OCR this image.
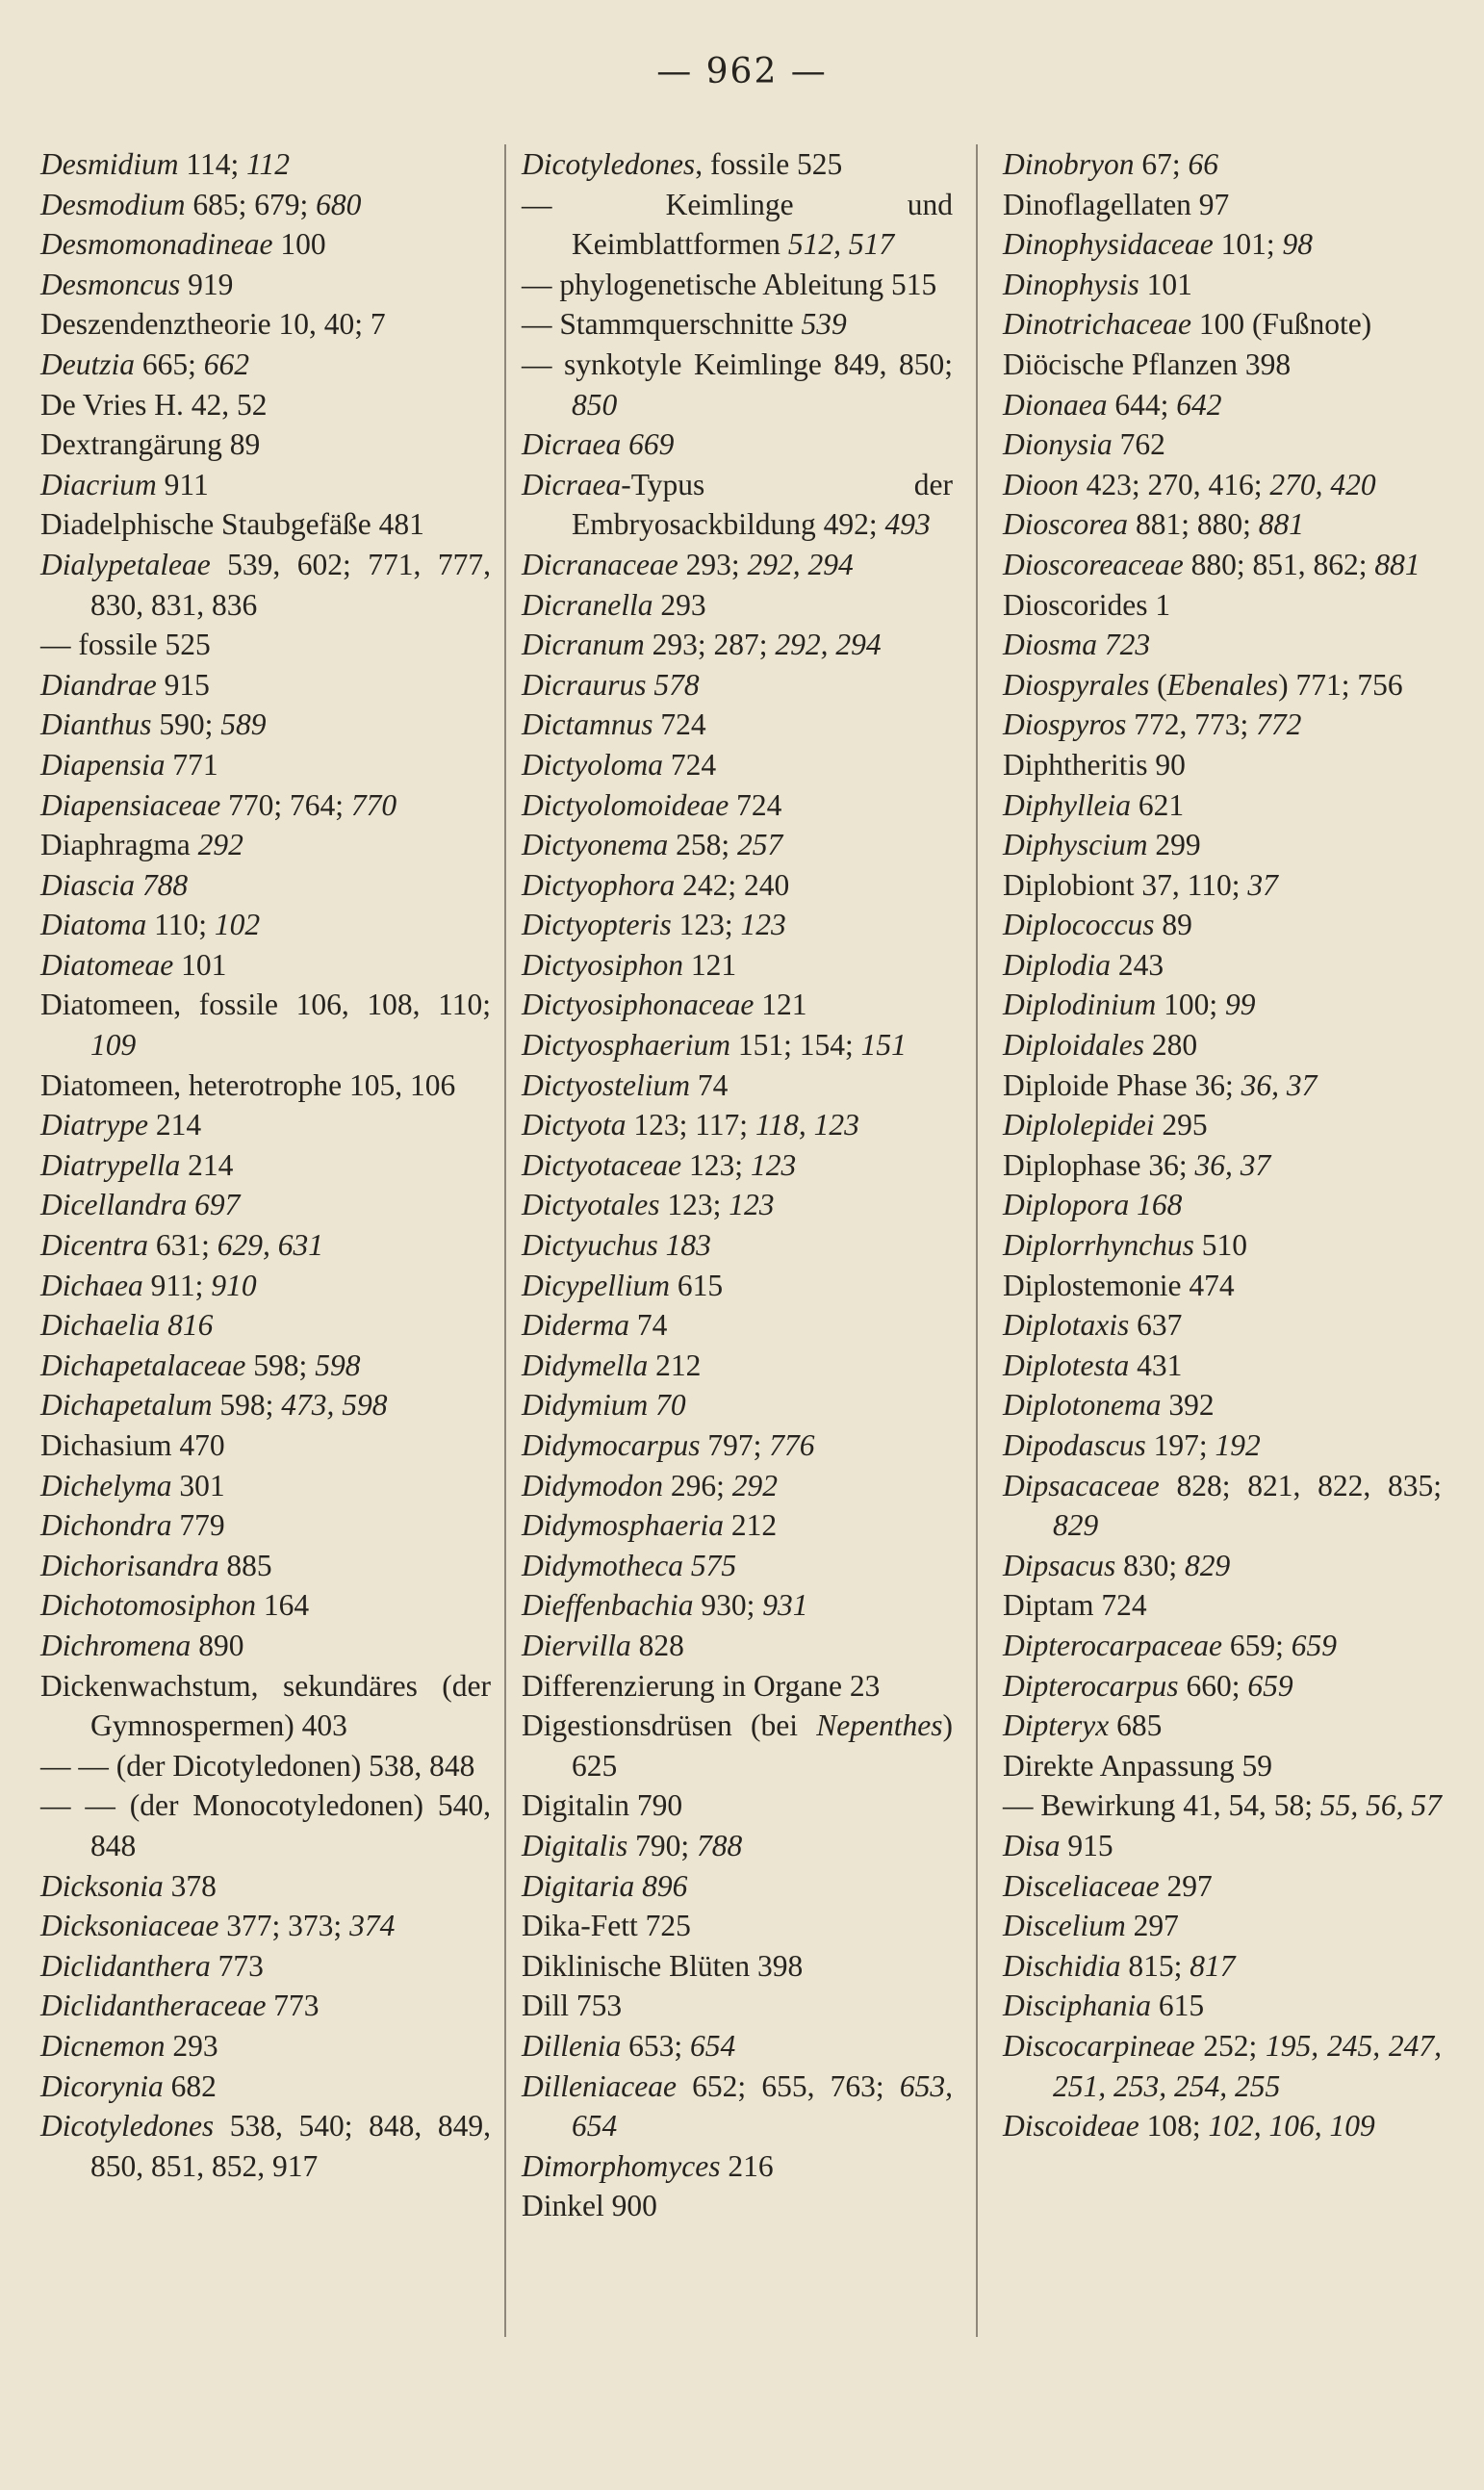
— 962 —
Desmidium 114; 112
Desmodium 685; 679; 680
Desmomonadineae 100
Desmoncus 919
Deszendenztheorie 10, 40; 7
Deutzia 665; 662
De Vries H. 42, 52
Dextrangärung 89
Diacrium 911
Diadelphische Staubgefäße 481
Dialypetaleae 539, 602; 771, 777, 830, 831, 836
— fossile 525
Diandrae 915
Dianthus 590; 589
Diapensia 771
Diapensiaceae 770; 764; 770
Diaphragma 292
Diascia 788
Diatoma 110; 102
Diatomeae 101
Diatomeen, fossile 106, 108, 110; 109
Diatomeen, heterotrophe 105, 106
Diatrype 214
Diatrypella 214
Dicellandra 697
Dicentra 631; 629, 631
Dichaea 911; 910
Dichaelia 816
Dichapetalaceae 598; 598
Dichapetalum 598; 473, 598
Dichasium 470
Dichelyma 301
Dichondra 779
Dichorisandra 885
Dichotomosiphon 164
Dichromena 890
Dickenwachstum, sekundäres (der Gymnospermen) 403
— — (der Dicotyledonen) 538, 848
— — (der Monocotyledonen) 540, 848
Dicksonia 378
Dicksoniaceae 377; 373; 374
Diclidanthera 773
Diclidantheraceae 773
Dicnemon 293
Dicorynia 682
Dicotyledones 538, 540; 848, 849, 850, 851, 852, 917
Dicotyledones, fossile 525
— Keimlinge und Keimblattformen 512, 517
— phylogenetische Ableitung 515
— Stammquerschnitte 539
— synkotyle Keimlinge 849, 850; 850
Dicraea 669
Dicraea-Typus der Embryosackbildung 492; 493
Dicranaceae 293; 292, 294
Dicranella 293
Dicranum 293; 287; 292, 294
Dicraurus 578
Dictamnus 724
Dictyoloma 724
Dictyolomoideae 724
Dictyonema 258; 257
Dictyophora 242; 240
Dictyopteris 123; 123
Dictyosiphon 121
Dictyosiphonaceae 121
Dictyosphaerium 151; 154; 151
Dictyostelium 74
Dictyota 123; 117; 118, 123
Dictyotaceae 123; 123
Dictyotales 123; 123
Dictyuchus 183
Dicypellium 615
Diderma 74
Didymella 212
Didymium 70
Didymocarpus 797; 776
Didymodon 296; 292
Didymosphaeria 212
Didymotheca 575
Dieffenbachia 930; 931
Diervilla 828
Differenzierung in Organe 23
Digestionsdrüsen (bei Nepenthes) 625
Digitalin 790
Digitalis 790; 788
Digitaria 896
Dika-Fett 725
Diklinische Blüten 398
Dill 753
Dillenia 653; 654
Dilleniaceae 652; 655, 763; 653, 654
Dimorphomyces 216
Dinkel 900
Dinobryon 67; 66
Dinoflagellaten 97
Dinophysidaceae 101; 98
Dinophysis 101
Dinotrichaceae 100 (Fußnote)
Diöcische Pflanzen 398
Dionaea 644; 642
Dionysia 762
Dioon 423; 270, 416; 270, 420
Dioscorea 881; 880; 881
Dioscoreaceae 880; 851, 862; 881
Dioscorides 1
Diosma 723
Diospyrales (Ebenales) 771; 756
Diospyros 772, 773; 772
Diphtheritis 90
Diphylleia 621
Diphyscium 299
Diplobiont 37, 110; 37
Diplococcus 89
Diplodia 243
Diplodinium 100; 99
Diploidales 280
Diploide Phase 36; 36, 37
Diplolepidei 295
Diplophase 36; 36, 37
Diplopora 168
Diplorrhynchus 510
Diplostemonie 474
Diplotaxis 637
Diplotesta 431
Diplotonema 392
Dipodascus 197; 192
Dipsacaceae 828; 821, 822, 835; 829
Dipsacus 830; 829
Diptam 724
Dipterocarpaceae 659; 659
Dipterocarpus 660; 659
Dipteryx 685
Direkte Anpassung 59
— Bewirkung 41, 54, 58; 55, 56, 57
Disa 915
Disceliaceae 297
Discelium 297
Dischidia 815; 817
Disciphania 615
Discocarpineae 252; 195, 245, 247, 251, 253, 254, 255
Discoideae 108; 102, 106, 109
